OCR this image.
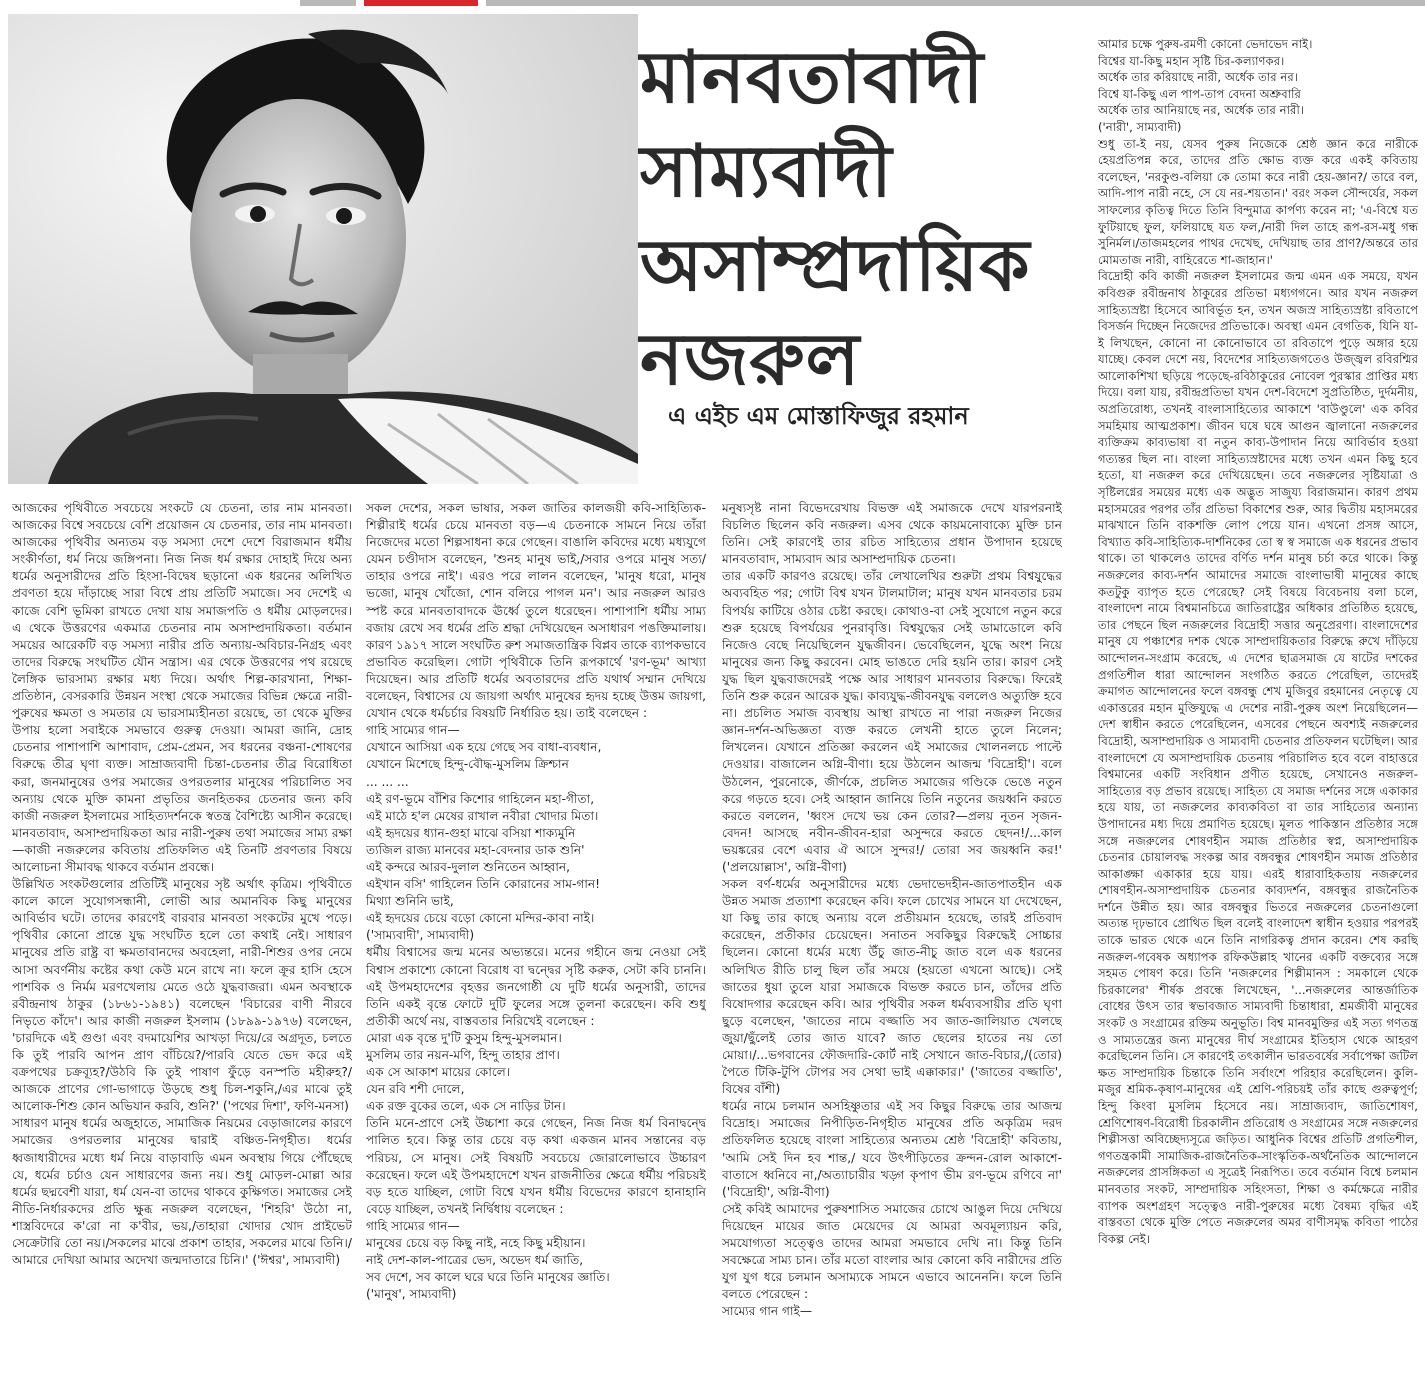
মানবতাবাদী
সাম্যবাদী
অসাম্প্রদায়িক
নজরুল
এ এইচ এম মোস্তাফিজুর রহমান

আমার চক্ষে পুরুষ-রমণী কোনো ভেদাভেদ নাই।

বিশ্বের যা-কিছু মহান সৃষ্টি চির-কল্যাণকর।

অর্ধেক তার করিয়াছে নারী, অর্ধেক তার নর।

বিশ্বে যা-কিছু এল পাপ-তাপ বেদনা অশ্রুবারি

অর্ধেক তার আনিয়াছে নর, অর্ধেক তার নারী।

('নারী', সাম্যবাদী)

শুধু তা-ই নয়, যেসব পুরুষ নিজেকে শ্রেষ্ঠ জ্ঞান করে নারীকে হেয়প্রতিপন্ন করে, তাদের প্রতি ক্ষোভ ব্যক্ত করে একই কবিতায় বলেছেন, 'নরকুণ্ড-বলিয়া কে তোমা করে নারী হেয়-জ্ঞান?/ তারে বল, আদি-পাপ নারী নহে, সে যে নর-শয়তান।' বরং সকল সৌন্দর্যের, সকল সাফল্যের কৃতিত্ব দিতে তিনি বিন্দুমাত্র কার্পণ্য করেন না; 'এ-বিশ্বে যত ফুটিয়াছে ফুল, ফলিয়াছে যত ফল,/নারী দিল তাহে রূপ-রস-মধু গন্ধ সুনির্মল।/তাজমহলের পাথর দেখেছ, দেখিয়াছ তার প্রাণ?/অন্তরে তার মোমতাজ নারী, বাহিরেতে শা-জাহান।'

বিদ্রোহী কবি কাজী নজরুল ইসলামের জন্ম এমন এক সময়ে, যখন কবিগুরু রবীন্দ্রনাথ ঠাকুরের প্রতিভা মধ্যগগনে। আর যখন নজরুল সাহিত্যস্রষ্টা হিসেবে আবির্ভূত হন, তখন অজস্র সাহিত্যস্রষ্টা রবিতাপে বিসর্জন দিচ্ছেন নিজেদের প্রতিভাকে। অবস্থা এমন বেগতিক, যিনি যা-ই লিখছেন, কোনো না কোনোভাবে তা রবিতাপে পুড়ে অঙ্গার হয়ে যাচ্ছে। কেবল দেশে নয়, বিদেশের সাহিত্যজগতেও উজ্জ্বল রবিরশ্মির আলোকশিখা ছড়িয়ে পড়েছে-রবিঠাকুরের নোবেল পুরস্কার প্রাপ্তির মধ্য দিয়ে। বলা যায়, রবীন্দ্রপ্রতিভা যখন দেশ-বিদেশে সুপ্রতিষ্ঠিত, দুর্দমনীয়, অপ্রতিরোধ্য, তখনই বাংলাসাহিত্যের আকাশে 'বাউণ্ডুলে' এক কবির সমহিমায় আত্মপ্রকাশ। জীবন ঘষে ঘষে আগুন জ্বালানো নজরুলের ব্যক্তিক্রম কাব্যভাষা বা নতুন কাব্য-উপাদান নিয়ে আবির্ভাব হওয়া গত্যন্তর ছিল না। বাংলা সাহিত্যস্রষ্টাদের মধ্যে তখন এমন কিছু হবে হতো, যা নজরুল করে দেখিয়েছেন। তবে নজরুলের সৃষ্টিযাত্রা ও সৃষ্টিলগ্নের সময়ের মধ্যে এক অদ্ভুত সাজুয্য বিরাজমান। কারণ প্রথম মহাসমরের পরপর তাঁর প্রতিভা বিকাশের শুরু, আর দ্বিতীয় মহাসমরের মাঝখানে তিনি বাকশক্তি লোপ পেয়ে যান। এখনো প্রসঙ্গ আসে, বিখ্যাত কবি-সাহিত্যিক-দার্শনিকের তো স্ব স্ব সমাজে এক ধরনের প্রভাব থাকে। তা থাকলেও তাদের বর্ণিত দর্শন মানুষ চর্চা করে থাকে। কিন্তু নজরুলের কাব্য-দর্শন আমাদের সমাজে বাংলাভাষী মানুষের কাছে কতটুকু ব্যাপৃত হতে পেরেছে? সেই বিষয়ে বিবেচনায় বলা চলে, বাংলাদেশ নামে বিশ্বমানচিত্রে জাতিরাষ্ট্রের অধিকার প্রতিষ্ঠিত হয়েছে, তার পেছনে ছিল নজরুলের বিদ্রোহী সত্তার অনুপ্রেরণা। বাংলাদেশের মানুষ যে পঞ্চাশের দশক থেকে সাম্প্রদায়িকতার বিরুদ্ধে রুখে দাঁড়িয়ে আন্দোলন-সংগ্রাম করেছে, এ দেশের ছাত্রসমাজ যে ষাটের দশকের প্রগতিশীল ধারা আন্দোলন সংগঠিত করতে পেরেছিল, তাদেরই ক্রমাগত আন্দোলনের ফলে বঙ্গবন্ধু শেখ মুজিবুর রহমানের নেতৃত্বে যে একাত্তরের মহান মুক্তিযুদ্ধে এ দেশের নারী-পুরুষ অংশ নিয়েছিলেন—দেশ স্বাধীন করতে পেরেছিলেন, এসবের পেছনে অবশ্যই নজরুলের বিদ্রোহী, অসাম্প্রদায়িক ও সাম্যবাদী চেতনার প্রতিফলন ঘটেছিল। আর বাংলাদেশে যে অসাম্প্রদায়িক চেতনায় পরিচালিত হবে বলে বাহাত্তরে বিশ্বমানের একটি সংবিধান প্রণীত হয়েছে, সেখানেও নজরুল-সাহিত্যের বড় প্রভাব রয়েছে। সাহিত্য যে সমাজ দর্শনের সঙ্গে একাকার হয়ে যায়, তা নজরুলের কাব্যকবিতা বা তার সাহিত্যের অন্যান্য উপাদানের মধ্য দিয়ে প্রমাণিত হয়েছে। মূলত পাকিস্তান প্রতিষ্ঠার সঙ্গে সঙ্গে নজরুলের শোষণহীন সমাজ প্রতিষ্ঠার স্বপ্ন, অসাম্প্রদায়িক চেতনার চোয়ালবদ্ধ সংকল্প আর বঙ্গবন্ধুর শোষণহীন সমাজ প্রতিষ্ঠার আকাঙ্ক্ষা একাকার হয়ে যায়। এরই ধারাবাহিকতায় নজরুলের শোষণহীন-অসাম্প্রদায়িক চেতনার কাব্যদর্শন, বঙ্গবন্ধুর রাজনৈতিক দর্শনে উন্নীত হয়। আর বঙ্গবন্ধুর ভিতরে নজরুলের চেতনাগুলো অত্যন্ত দৃঢ়ভাবে প্রোথিত ছিল বলেই বাংলাদেশ স্বাধীন হওয়ার পরপরই তাকে ভারত থেকে এনে তিনি নাগরিকত্ব প্রদান করেন। শেষ করছি নজরুল-গবেষক অধ্যাপক রফিকউল্লাহ খানের একটি বক্তব্যের সঙ্গে সহমত পোষণ করে। তিনি 'নজরুলের শিল্পীমানস : সমকালে থেকে চিরকালের' শীর্ষক প্রবন্ধে লিখেছেন, '...নজরুলের আন্তর্জাতিক বোধের উৎস তার স্বভাবজাত সাম্যবাদী চিন্তাধারা, শ্রমজীবী মানুষের সংকট ও সংগ্রামের রক্তিম অনুভূতি। বিশ্ব মানবমুক্তির এই সত্য গণতন্ত্র ও সাম্যতন্ত্রের জন্য মানুষের দীর্ঘ সংগ্রামের ইতিহাস থেকে আহরণ করেছিলেন তিনি। সে কারণেই তৎকালীন ভারতবর্ষের সর্বাপেক্ষা জটিল ক্ষত সাম্প্রদায়িক চিন্তাকে তিনি সর্বাংশে পরিহার করেছিলেন। কুলি-মজুর শ্রমিক-কৃষাণ-মানুষের এই শ্রেণি-পরিচয়ই তাঁর কাছে গুরুত্বপূর্ণ; হিন্দু কিংবা মুসলিম হিসেবে নয়। সাম্রাজ্যবাদ, জাতিশোষণ, শ্রেণিশোষণ-বিরোধী চিরকালীন প্রতিরোধ ও সংগ্রামের সঙ্গে নজরুলের শিল্পীসত্তা অবিচ্ছেদ্যসূত্রে জড়িত। আধুনিক বিশ্বের প্রতিটি প্রগতিশীল, গণতন্ত্রকামী সামাজিক-রাজনৈতিক-সাংস্কৃতিক-অর্থনৈতিক আন্দোলনে নজরুলের প্রাসঙ্গিকতা এ সূত্রেই নিরূপিত। তবে বর্তমান বিশ্বে চলমান মানবতার সংকট, সাম্প্রদায়িক সহিংসতা, শিক্ষা ও কর্মক্ষেত্রে নারীর ব্যাপক অংশগ্রহণ সত্ত্বেও নারী-পুরুষের মধ্যে বৈষম্য বৃদ্ধির এই বাস্তবতা থেকে মুক্তি পেতে নজরুলের অমর বাণীসমৃদ্ধ কবিতা পাঠের বিকল্প নেই।

আজকের পৃথিবীতে সবচেয়ে সংকটে যে চেতনা, তার নাম মানবতা। আজকের বিশ্বে সবচেয়ে বেশি প্রয়োজন যে চেতনার, তার নাম মানবতা। আজকের পৃথিবীর অন্যতম বড় সমস্যা দেশে দেশে বিরাজমান ধর্মীয় সংকীর্ণতা, ধর্ম নিয়ে জঙ্গিপনা। নিজ নিজ ধর্ম রক্ষার দোহাই দিয়ে অন্য ধর্মের অনুসারীদের প্রতি হিংসা-বিদ্বেষ ছড়ানো এক ধরনের অলিখিত প্রবণতা হয়ে দাঁড়াচ্ছে সারা বিশ্বে প্রায় প্রতিটি সমাজে। সব দেশেই এ কাজে বেশি ভূমিকা রাখতে দেখা যায় সমাজপতি ও ধর্মীয় মোড়লদের। এ থেকে উত্তরণের একমাত্র চেতনার নাম অসাম্প্রদায়িকতা। বর্তমান সময়ের আরেকটি বড় সমস্যা নারীর প্রতি অন্যায়-অবিচার-নিগ্রহ এবং তাদের বিরুদ্ধে সংঘটিত যৌন সন্ত্রাস। এর থেকে উত্তরণের পথ রয়েছে লৈঙ্গিক ভারসাম্য রক্ষার মধ্য দিয়ে। অর্থাৎ শিল্প-কারখানা, শিক্ষা-প্রতিষ্ঠান, বেসরকারি উন্নয়ন সংস্থা থেকে সমাজের বিভিন্ন ক্ষেত্রে নারী-পুরুষের ক্ষমতা ও সমতার যে ভারসাম্যহীনতা রয়েছে, তা থেকে মুক্তির উপায় হলো সবাইকে সমভাবে গুরুত্ব দেওয়া। আমরা জানি, দ্রোহ চেতনার পাশাপাশি আশাবাদ, প্রেম-প্রেমন, সব ধরনের বঞ্চনা-শোষণের বিরুদ্ধে তীব্র ঘৃণা ব্যক্ত। সাম্রাজ্যবাদী চিন্তা-চেতনার তীব্র বিরোধিতা করা, জনমানুষের ওপর সমাজের ওপরতলার মানুষের পরিচালিত সব অন্যায় থেকে মুক্তি কামনা প্রভৃতির জনহিতকর চেতনার জন্য কবি কাজী নজরুল ইসলামের সাহিত্যদর্শনকে স্বতন্ত্র বৈশিষ্ট্যে আসীন করেছে। মানবতাবাদ, অসাম্প্রদায়িকতা আর নারী-পুরুষ তথা সমাজের সাম্য রক্ষা—কাজী নজরুলের কবিতায় প্রতিফলিত এই তিনটি প্রবণতার বিষয়ে আলোচনা সীমাবদ্ধ থাকবে বর্তমান প্রবন্ধে।

উল্লিখিত সংকটগুলোর প্রতিটিই মানুষের সৃষ্ট অর্থাৎ কৃত্রিম। পৃথিবীতে কালে কালে সুযোগসন্ধানী, লোভী আর অমানবিক কিছু মানুষের আবির্ভাব ঘটে। তাদের কারণেই বারবার মানবতা সংকটের মুখে পড়ে। পৃথিবীর কোনো প্রান্তে যুদ্ধ সংঘটিত হলে তো কথাই নেই। সাধারণ মানুষের প্রতি রাষ্ট্র বা ক্ষমতাবানদের অবহেলা, নারী-শিশুর ওপর নেমে আসা অবর্ণনীয় কষ্টের কথা কেউ মনে রাখে না। ফলে ক্রূর হাসি হেসে পাশবিক ও নির্মম মরণখেলায় মেতে ওঠে যুদ্ধবাজরা। এমন অবস্থাকে রবীন্দ্রনাথ ঠাকুর (১৮৬১-১৯৪১) বলেছেন 'বিচারের বাণী নীরবে নিভৃতে কাঁদে'। আর কাজী নজরুল ইসলাম (১৮৯৯-১৯৭৬) বলেছেন, 'চারদিকে এই গুণ্ডা এবং বদমায়েশির আখড়া দিয়ে/রে অগ্রদূত, চলতে কি তুই পারবি আপন প্রাণ বাঁচিয়ে?/পারবি যেতে ভেদ করে এই বক্রপথের চক্রব্যূহ?/উঠবি কি তুই পাষাণ ফুঁড়ে বনস্পতি মহীরুহ?/আজকে প্রাণের গো-ভাগাড়ে উড়ছে শুধু চিল-শকুনি,/এর মাঝে তুই আলোক-শিশু কোন অভিযান করবি, শুনি?' ('পথের দিশা', ফণি-মনসা)

সাধারণ মানুষ ধর্মের অজুহাতে, সামাজিক নিয়মের বেড়াজালের কারণে সমাজের ওপরতলার মানুষের দ্বারাই বঞ্চিত-নিগৃহীত। ধর্মের ধ্বজাধারীদের মধ্যে ধর্ম নিয়ে বাড়াবাড়ি এমন অবস্থায় গিয়ে পৌঁছেছে যে, ধর্মের চর্চাও যেন সাধারণের জন্য নয়। শুধু মোড়ল-মোল্লা আর ধর্মের ছদ্মবেশী যারা, ধর্ম যেন-বা তাদের থাকবে কুক্ষিগত। সমাজের সেই নীতি-নির্ধারকদের প্রতি ক্ষুব্ধ নজরুল বলেছেন, 'শিহরি' উঠো না, শাস্ত্রবিদেরে ক'রো না ক'বীর, ভয়,/তাহারা খোদার খোদ প্রাইভেট সেক্রেটারি তো নয়।/সকলের মাঝে প্রকাশ তাহার, সকলের মাঝে তিনি।/আমারে দেখিয়া আমার অদেখা জন্মদাতারে চিনি।' ('ঈশ্বর', সাম্যবাদী)

সকল দেশের, সকল ভাষার, সকল জাতির কালজয়ী কবি-সাহিত্যিক-শিল্পীরাই ধর্মের চেয়ে মানবতা বড়—এ চেতনাকে সামনে নিয়ে তাঁরা নিজেদের মতো শিল্পসাধনা করে গেছেন। বাঙালি কবিদের মধ্যে মধ্যযুগে যেমন চণ্ডীদাস বলেছেন, 'শুনহ মানুষ ভাই,/সবার ওপরে মানুষ সত্য/তাহার ওপরে নাই'। এরও পরে লালন বলেছেন, 'মানুষ ধরো, মানুষ ভজো, মানুষ খোঁজো, শোন বলিরে পাগল মন'। আর নজরুল আরও স্পষ্ট করে মানবতাবাদকে ঊর্ধ্বে তুলে ধরেছেন। পাশাপাশি ধর্মীয় সাম্য বজায় রেখে সব ধর্মের প্রতি শ্রদ্ধা দেখিয়েছেন অসাধারণ পঙক্তিমালায়। কারণ ১৯১৭ সালে সংঘটিত রুশ সমাজতান্ত্রিক বিপ্লব তাকে ব্যাপকভাবে প্রভাবিত করেছিল। গোটা পৃথিবীকে তিনি রূপকার্থে 'রণ-ভূম' আখ্যা দিয়েছেন। আর প্রতিটি ধর্মের অবতারদের প্রতি যথার্থ সম্মান দেখিয়ে বলেছেন, বিশ্বাসের যে জায়গা অর্থাৎ মানুষের হৃদয় হচ্ছে উত্তম জায়গা, যেখান থেকে ধর্মচর্চার বিষয়টি নির্ধারিত হয়। তাই বলেছেন :

গাহি সাম্যের গান—

যেখানে আসিয়া এক হয়ে গেছে সব বাধা-ব্যবধান,

যেখানে মিশেছে হিন্দু-বৌদ্ধ-মুসলিম ক্রিশ্চান

... ... ...

এই রণ-ভূমে বাঁশির কিশোর গাহিলেন মহা-গীতা,

এই মাঠে হ'ল মেষের রাখাল নবীরা খোদার মিতা।

এই হৃদয়ের ধ্যান-গুহা মাঝে বসিয়া শাক্যমুনি

ত্যজিল রাজ্য মানবের মহা-বেদনার ডাক শুনি'

এই কন্দরে আরব-দুলাল শুনিতেন আহ্বান,

এইখান বসি' গাহিলেন তিনি কোরানের সাম-গান!

মিথ্যা শুনিনি ভাই,

এই হৃদয়ের চেয়ে বড়ো কোনো মন্দির-কাবা নাই।

('সাম্যবাদী', সাম্যবাদী)

ধর্মীয় বিশ্বাসের জন্ম মনের অভ্যন্তরে। মনের গহীনে জন্ম নেওয়া সেই বিশ্বাস প্রকাশ্যে কোনো বিরোধ বা দ্বন্দ্বের সৃষ্টি করুক, সেটা কবি চাননি। এই উপমহাদেশের বৃহত্তর জনগোষ্ঠী যে দুটি ধর্মের অনুসারী, তাদের তিনি একই বৃন্তে ফোটে দুটি ফুলের সঙ্গে তুলনা করেছেন। কবি শুধু প্রতীকী অর্থে নয়, বাস্তবতার নিরিখেই বলেছেন :

মোরা এক বৃন্তে দু'টি কুসুম হিন্দু-মুসলমান।

মুসলিম তার নয়ন-মণি, হিন্দু তাহার প্রাণ।

এক সে আকাশ মায়ের কোলে।

যেন রবি শশী দোলে,

এক রক্ত বুকের তলে, এক সে নাড়ির টান।

তিনি মনে-প্রাণে সেই উচ্চাশা করে গেছেন, নিজ নিজ ধর্ম বিনাদ্বন্দ্বে পালিত হবে। কিন্তু তার চেয়ে বড় কথা একজন মানব সন্তানের বড় পরিচয়, সে মানুষ। সেই বিষয়টি সবচেয়ে জোরালোভাবে উচ্চারণ করেছেন। ফলে এই উপমহাদেশে যখন রাজনীতির ক্ষেত্রে ধর্মীয় পরিচয়ই বড় হতে যাচ্ছিল, গোটা বিশ্বে যখন ধর্মীয় বিভেদের কারণে হানাহানি বেড়ে যাচ্ছিল, তখনই নির্দ্বিধায় বলেছেন :

গাহি সাম্যের গান—

মানুষের চেয়ে বড় কিছু নাই, নহে কিছু মহীয়ান।

নাই দেশ-কাল-পাত্রের ভেদ, অভেদ ধর্ম জাতি,

সব দেশে, সব কালে ঘরে ঘরে তিনি মানুষের জ্ঞাতি।

('মানুষ', সাম্যবাদী)

মনুষ্যসৃষ্ট নানা বিভেদরেখায় বিভক্ত এই সমাজকে দেখে যারপরনাই বিচলিত ছিলেন কবি নজরুল। এসব থেকে কায়মনোবাক্যে মুক্তি চান তিনি। সেই কারণেই তার রচিত সাহিত্যের প্রধান উপাদান হয়েছে মানবতাবাদ, সাম্যবাদ আর অসাম্প্রদায়িক চেতনা।

তার একটি কারণও রয়েছে। তাঁর লেখালেখির শুরুটা প্রথম বিশ্বযুদ্ধের অব্যবহিত পর; গোটা বিশ্ব যখন টালমাটাল; মানুষ যখন মানবতার চরম বিপর্যয় কাটিয়ে ওঠার চেষ্টা করছে। কোথাও-বা সেই সুযোগে নতুন করে শুরু হয়েছে বিপর্যয়ের পুনরাবৃত্তি। বিশ্বযুদ্ধের সেই ডামাডোলে কবি নিজেও বেছে নিয়েছিলেন যুদ্ধজীবন। ভেবেছিলেন, যুদ্ধে অংশ নিয়ে মানুষের জন্য কিছু করবেন। মোহ ভাঙতে দেরি হয়নি তার। কারণ সেই যুদ্ধ ছিল যুদ্ধবাজদেরই পক্ষে আর সাধারণ মানবতার বিরুদ্ধে। ফিরেই তিনি শুরু করেন আরেক যুদ্ধ। কাব্যযুদ্ধ-জীবনযুদ্ধ বললেও অত্যুক্তি হবে না। প্রচলিত সমাজ ব্যবস্থায় আস্থা রাখতে না পারা নজরুল নিজের জ্ঞান-দর্শন-অভিজ্ঞতা ব্যক্ত করতে লেখনী হাতে তুলে নিলেন; লিখলেন। যেখানে প্রতিজ্ঞা করলেন এই সমাজের খোলনলচে পাল্টে দেওয়ার। বাজালেন অগ্নি-বীণা। হয়ে উঠলেন আজন্ম 'বিদ্রোহী'। বলে উঠলেন, পুরনোকে, জীর্ণকে, প্রচলিত সমাজের গণ্ডিকে ভেঙে নতুন করে গড়তে হবে। সেই আহ্বান জানিয়ে তিনি নতুনের জয়ধ্বনি করতে করতে বললেন, 'ধ্বংস দেখে ভয় কেন তোর?—প্রলয় নূতন সৃজন-বেদন! আসছে নবীন-জীবন-হারা অসুন্দরে করতে ছেদন!/...কাল ভয়ঙ্করের বেশে এবার ঐ আসে সুন্দর!/ তোরা সব জয়ধ্বনি কর!' ('প্রলয়োল্লাস', অগ্নি-বীণা)

সকল বর্ণ-ধর্মের অনুসারীদের মধ্যে ভেদাভেদহীন-জাতপাতহীন এক উন্নত সমাজ প্রত্যাশা করেছেন কবি। ফলে চোখের সামনে যা দেখেছেন, যা কিছু তার কাছে অন্যায় বলে প্রতীয়মান হয়েছে, তারই প্রতিবাদ করেছেন, প্রতীকার চেয়েছেন। সনাতন সবকিছুর বিরুদ্ধেই সোচ্চার ছিলেন। কোনো ধর্মের মধ্যে উঁচু জাত-নীচু জাত বলে এক ধরনের অলিখিত রীতি চালু ছিল তাঁর সময়ে (হয়তো এখনো আছে)। সেই জাতের ধুয়া তুলে যারা সমাজকে বিভক্ত করতে চান, তাঁদের প্রতি বিষোদগার করেছেন কবি। আর পৃথিবীর সকল ধর্মব্যবসায়ীর প্রতি ঘৃণা ছুড়ে বলেছেন, 'জাতের নামে বজ্জাতি সব জাত-জালিয়াত খেলছে জুয়া/ছুঁলেই তোর জাত যাবে? জাত ছেলের হাতের নয় তো মোয়া।/...ভগবানের ফৌজদারি-কোর্ট নাই সেখানে জাত-বিচার,/(তোর) পৈতে টিকি-টুপি টোপর সব সেথা ভাই এক্কাকার।' ('জাতের বজ্জাতি', বিষের বাঁশী)

ধর্মের নামে চলমান অসহিষ্ণুতার এই সব কিছুর বিরুদ্ধে তার আজন্ম বিদ্রোহ। সমাজের নিপীড়িত-নিগৃহীত মানুষের প্রতি অকৃত্রিম দরদ প্রতিফলিত হয়েছে বাংলা সাহিত্যের অন্যতম শ্রেষ্ঠ 'বিদ্রোহী' কবিতায়, 'আমি সেই দিন হব শান্ত,/ যবে উৎপীড়িতের ক্রন্দন-রোল আকাশে-বাতাসে ধ্বনিবে না,/অত্যাচারীর খড়্গ কৃপাণ ভীম রণ-ভূমে রণিবে না' ('বিদ্রোহী', অগ্নি-বীণা)

সেই কবিই আমাদের পুরুষশাসিত সমাজের চোখে আঙুল দিয়ে দেখিয়ে দিয়েছেন মায়ের জাত মেয়েদের যে আমরা অবমূল্যায়ন করি, সমযোগ্যতা সত্ত্বেও তাদের আমরা সমভাবে দেখি না। কিন্তু তিনি সবক্ষেত্রে সাম্য চান। তাঁর মতো বাংলার আর কোনো কবি নারীদের প্রতি যুগ যুগ ধরে চলমান অসাম্যকে সামনে এভাবে আনেননি। ফলে তিনি বলতে পেরেছেন :

সাম্যের গান গাই—
